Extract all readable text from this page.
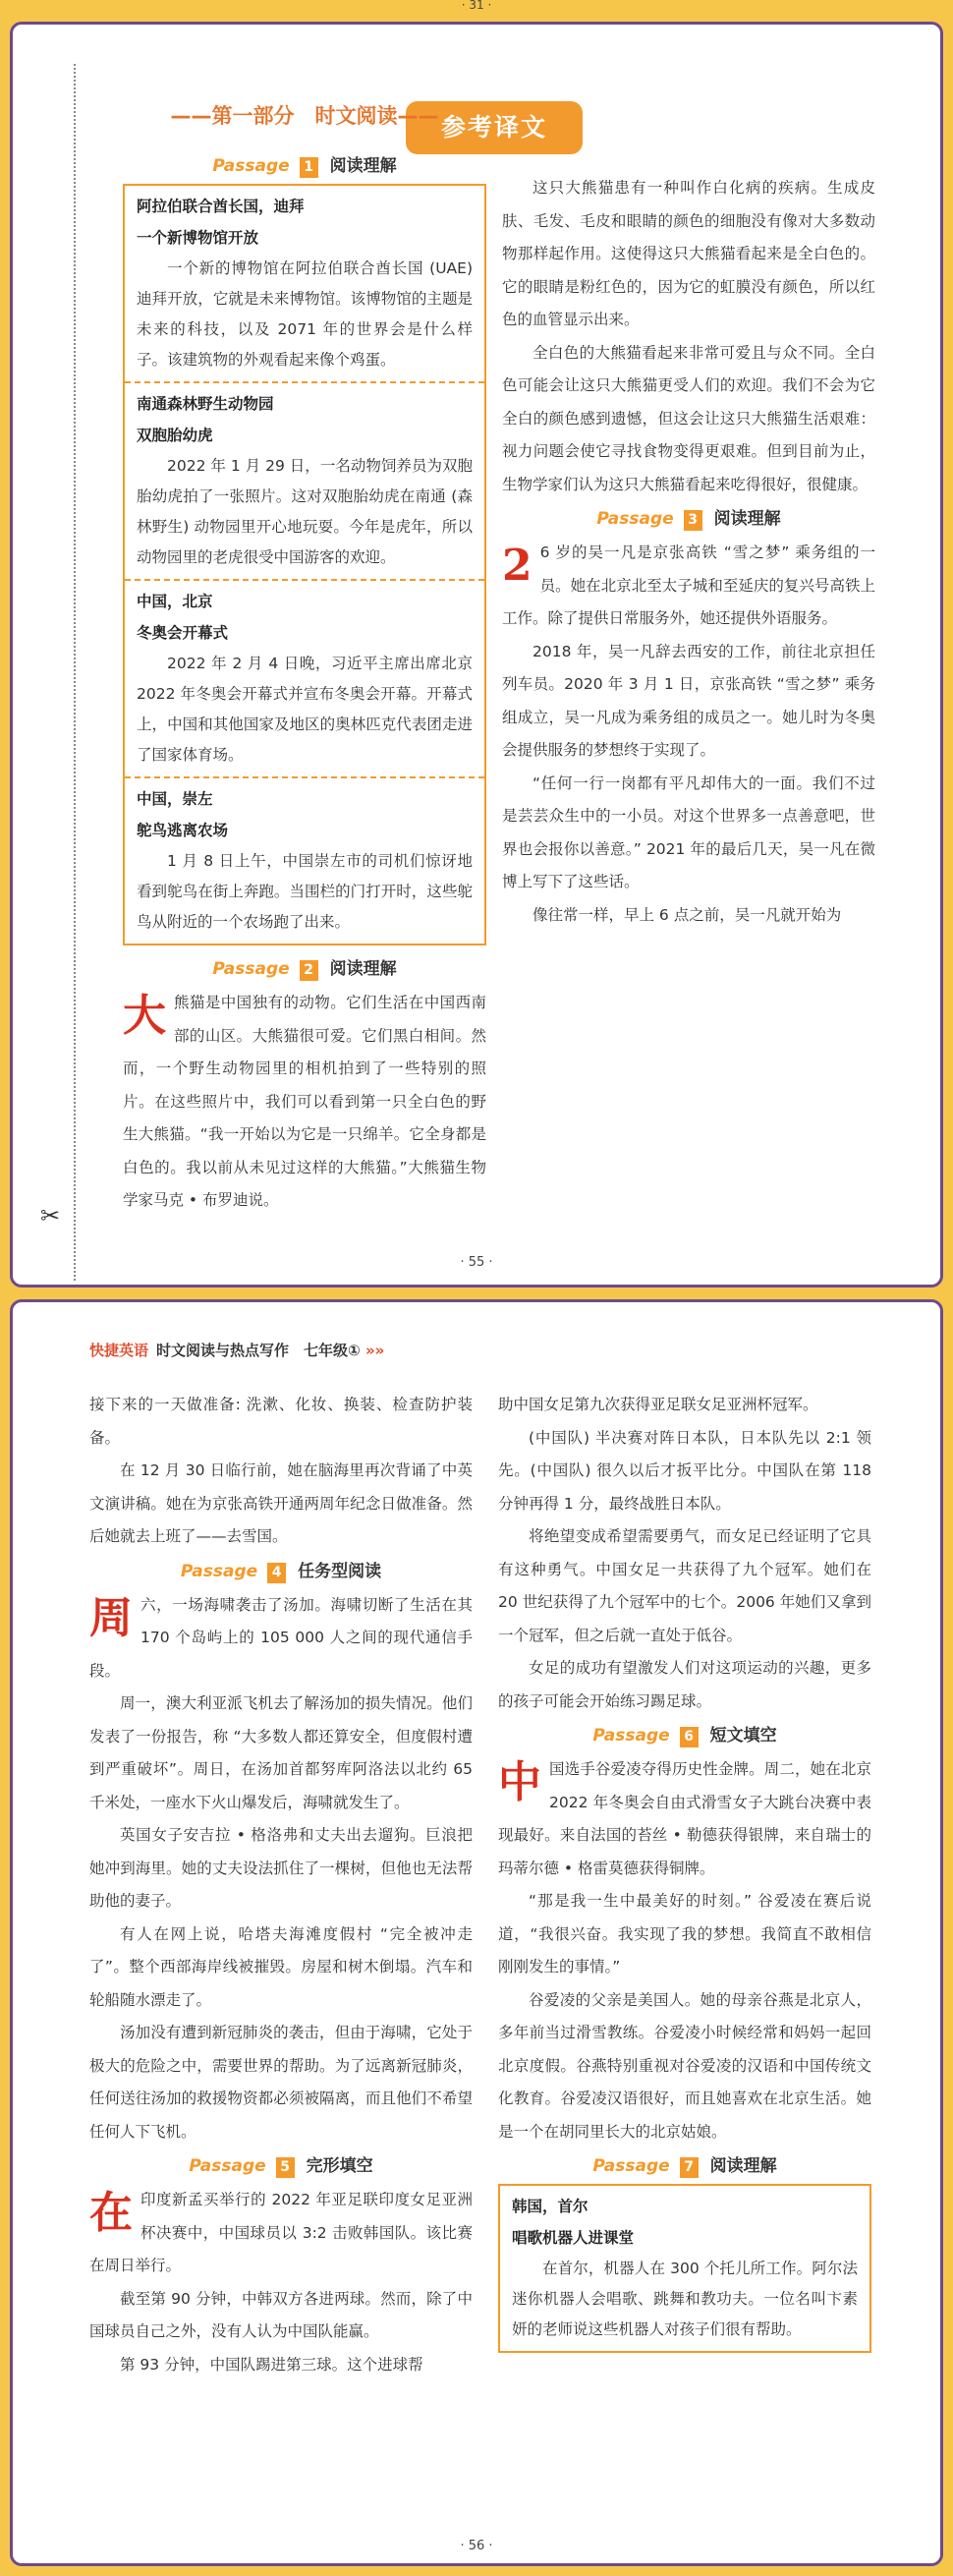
· 31 ·
✂
参考译文
——第一部分　时文阅读——
Passage 1 阅读理解
阿拉伯联合酋长国，迪拜
一个新博物馆开放

一个新的博物馆在阿拉伯联合酋长国 (UAE) 迪拜开放，它就是未来博物馆。该博物馆的主题是未来的科技，以及 2071 年的世界会是什么样子。该建筑物的外观看起来像个鸡蛋。

南通森林野生动物园
双胞胎幼虎

2022 年 1 月 29 日，一名动物饲养员为双胞胎幼虎拍了一张照片。这对双胞胎幼虎在南通 (森林野生) 动物园里开心地玩耍。今年是虎年，所以动物园里的老虎很受中国游客的欢迎。

中国，北京
冬奥会开幕式

2022 年 2 月 4 日晚，习近平主席出席北京 2022 年冬奥会开幕式并宣布冬奥会开幕。开幕式上，中国和其他国家及地区的奥林匹克代表团走进了国家体育场。

中国，崇左
鸵鸟逃离农场

1 月 8 日上午，中国崇左市的司机们惊讶地看到鸵鸟在街上奔跑。当围栏的门打开时，这些鸵鸟从附近的一个农场跑了出来。

Passage 2 阅读理解

大熊猫是中国独有的动物。它们生活在中国西南部的山区。大熊猫很可爱。它们黑白相间。然而，一个野生动物园里的相机拍到了一些特别的照片。在这些照片中，我们可以看到第一只全白色的野生大熊猫。“我一开始以为它是一只绵羊。它全身都是白色的。我以前从未见过这样的大熊猫。”大熊猫生物学家马克 • 布罗迪说。

这只大熊猫患有一种叫作白化病的疾病。生成皮肤、毛发、毛皮和眼睛的颜色的细胞没有像对大多数动物那样起作用。这使得这只大熊猫看起来是全白色的。它的眼睛是粉红色的，因为它的虹膜没有颜色，所以红色的血管显示出来。

全白色的大熊猫看起来非常可爱且与众不同。全白色可能会让这只大熊猫更受人们的欢迎。我们不会为它全白的颜色感到遗憾，但这会让这只大熊猫生活艰难：视力问题会使它寻找食物变得更艰难。但到目前为止，生物学家们认为这只大熊猫看起来吃得很好，很健康。

Passage 3 阅读理解

2 6 岁的吴一凡是京张高铁 “雪之梦” 乘务组的一员。她在北京北至太子城和至延庆的复兴号高铁上工作。除了提供日常服务外，她还提供外语服务。

2018 年，吴一凡辞去西安的工作，前往北京担任列车员。2020 年 3 月 1 日，京张高铁 “雪之梦” 乘务组成立，吴一凡成为乘务组的成员之一。她儿时为冬奥会提供服务的梦想终于实现了。

“任何一行一岗都有平凡却伟大的一面。我们不过是芸芸众生中的一小员。对这个世界多一点善意吧，世界也会报你以善意。” 2021 年的最后几天，吴一凡在微博上写下了这些话。

像往常一样，早上 6 点之前，吴一凡就开始为

· 55 ·
快捷英语 时文阅读与热点写作　七年级① »»

接下来的一天做准备: 洗漱、化妆、换装、检查防护装备。

在 12 月 30 日临行前，她在脑海里再次背诵了中英文演讲稿。她在为京张高铁开通两周年纪念日做准备。然后她就去上班了——去雪国。

Passage 4 任务型阅读

周六，一场海啸袭击了汤加。海啸切断了生活在其 170 个岛屿上的 105 000 人之间的现代通信手段。

周一，澳大利亚派飞机去了解汤加的损失情况。他们发表了一份报告，称 “大多数人都还算安全，但度假村遭到严重破坏”。周日，在汤加首都努库阿洛法以北约 65 千米处，一座水下火山爆发后，海啸就发生了。

英国女子安吉拉 • 格洛弗和丈夫出去遛狗。巨浪把她冲到海里。她的丈夫设法抓住了一棵树，但他也无法帮助他的妻子。

有人在网上说，哈塔夫海滩度假村 “完全被冲走了”。整个西部海岸线被摧毁。房屋和树木倒塌。汽车和轮船随水漂走了。

汤加没有遭到新冠肺炎的袭击，但由于海啸，它处于极大的危险之中，需要世界的帮助。为了远离新冠肺炎，任何送往汤加的救援物资都必须被隔离，而且他们不希望任何人下飞机。

Passage 5 完形填空

在印度新孟买举行的 2022 年亚足联印度女足亚洲杯决赛中，中国球员以 3:2 击败韩国队。该比赛在周日举行。

截至第 90 分钟，中韩双方各进两球。然而，除了中国球员自己之外，没有人认为中国队能赢。

第 93 分钟，中国队踢进第三球。这个进球帮

助中国女足第九次获得亚足联女足亚洲杯冠军。

(中国队) 半决赛对阵日本队，日本队先以 2:1 领先。(中国队) 很久以后才扳平比分。中国队在第 118 分钟再得 1 分，最终战胜日本队。

将绝望变成希望需要勇气，而女足已经证明了它具有这种勇气。中国女足一共获得了九个冠军。她们在 20 世纪获得了九个冠军中的七个。2006 年她们又拿到一个冠军，但之后就一直处于低谷。

女足的成功有望激发人们对这项运动的兴趣，更多的孩子可能会开始练习踢足球。

Passage 6 短文填空

中国选手谷爱凌夺得历史性金牌。周二，她在北京 2022 年冬奥会自由式滑雪女子大跳台决赛中表现最好。来自法国的苔丝 • 勒德获得银牌，来自瑞士的玛蒂尔德 • 格雷莫德获得铜牌。

“那是我一生中最美好的时刻。” 谷爱凌在赛后说道，“我很兴奋。我实现了我的梦想。我简直不敢相信刚刚发生的事情。”

谷爱凌的父亲是美国人。她的母亲谷燕是北京人，多年前当过滑雪教练。谷爱凌小时候经常和妈妈一起回北京度假。谷燕特别重视对谷爱凌的汉语和中国传统文化教育。谷爱凌汉语很好，而且她喜欢在北京生活。她是一个在胡同里长大的北京姑娘。

Passage 7 阅读理解
韩国，首尔
唱歌机器人进课堂

在首尔，机器人在 300 个托儿所工作。阿尔法迷你机器人会唱歌、跳舞和教功夫。一位名叫卞素妍的老师说这些机器人对孩子们很有帮助。

· 56 ·
